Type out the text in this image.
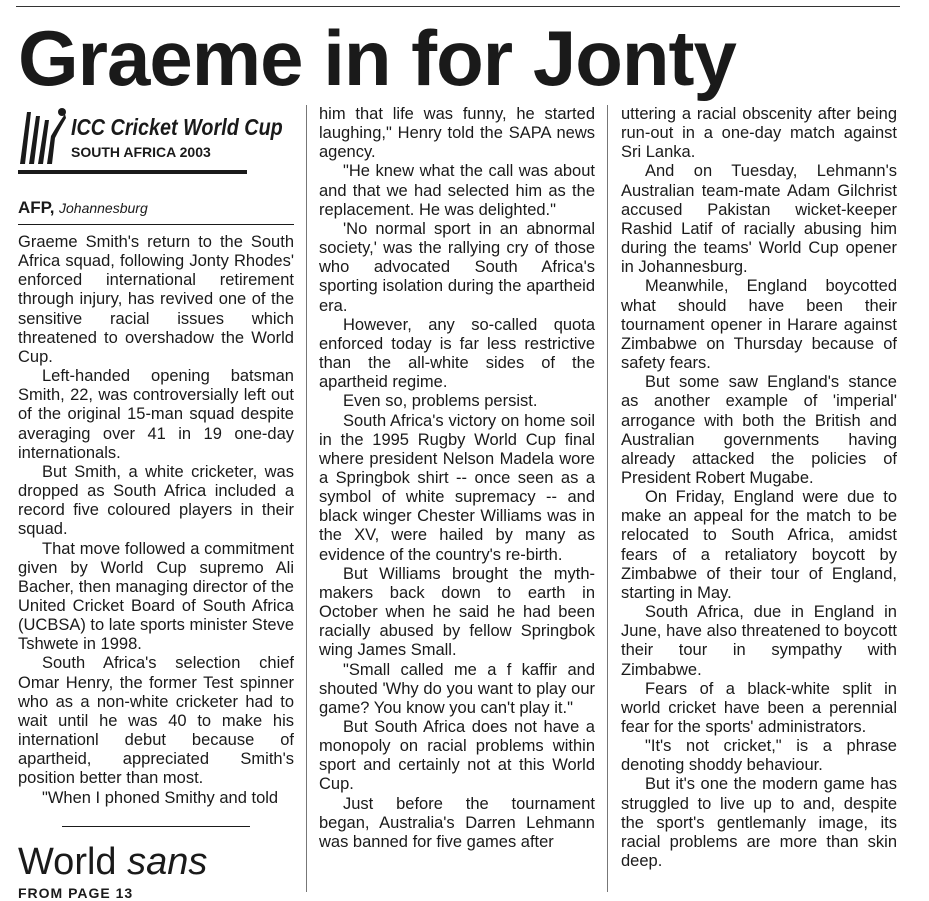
Graeme in for Jonty
ICC Cricket World Cup
SOUTH AFRICA 2003
AFP, Johannesburg

Graeme Smith's return to the South Africa squad, following Jonty Rhodes' enforced international retirement through injury, has revived one of the sensitive racial issues which threatened to overshadow the World Cup.

Left-handed opening batsman Smith, 22, was controversially left out of the original 15-man squad despite averaging over 41 in 19 one-day internationals.

But Smith, a white cricketer, was dropped as South Africa included a record five coloured players in their squad.

That move followed a commitment given by World Cup supremo Ali Bacher, then managing director of the United Cricket Board of South Africa (UCBSA) to late sports minister Steve Tshwete in 1998.

South Africa's selection chief Omar Henry, the former Test spinner who as a non-white cricketer had to wait until he was 40 to make his internationl debut because of apartheid, appreciated Smith's position better than most.

"When I phoned Smithy and told

him that life was funny, he started laughing," Henry told the SAPA news agency.

"He knew what the call was about and that we had selected him as the replacement. He was delighted."

'No normal sport in an abnormal society,' was the rallying cry of those who advocated South Africa's sporting isolation during the apartheid era.

However, any so-called quota enforced today is far less restrictive than the all-white sides of the apartheid regime.

Even so, problems persist.

South Africa's victory on home soil in the 1995 Rugby World Cup final where president Nelson Madela wore a Springbok shirt -- once seen as a symbol of white supremacy -- and black winger Chester Williams was in the XV, were hailed by many as evidence of the country's re-birth.

But Williams brought the myth-makers back down to earth in October when he said he had been racially abused by fellow Springbok wing James Small.

"Small called me a f kaffir and shouted 'Why do you want to play our game? You know you can't play it."

But South Africa does not have a monopoly on racial problems within sport and certainly not at this World Cup.

Just before the tournament began, Australia's Darren Lehmann was banned for five games after

uttering a racial obscenity after being run-out in a one-day match against Sri Lanka.

And on Tuesday, Lehmann's Australian team-mate Adam Gilchrist accused Pakistan wicket-keeper Rashid Latif of racially abusing him during the teams' World Cup opener in Johannesburg.

Meanwhile, England boycotted what should have been their tournament opener in Harare against Zimbabwe on Thursday because of safety fears.

But some saw England's stance as another example of 'imperial' arrogance with both the British and Australian governments having already attacked the policies of President Robert Mugabe.

On Friday, England were due to make an appeal for the match to be relocated to South Africa, amidst fears of a retaliatory boycott by Zimbabwe of their tour of England, starting in May.

South Africa, due in England in June, have also threatened to boycott their tour in sympathy with Zimbabwe.

Fears of a black-white split in world cricket have been a perennial fear for the sports' administrators.

"It's not cricket," is a phrase denoting shoddy behaviour.

But it's one the modern game has struggled to live up to and, despite the sport's gentlemanly image, its racial problems are more than skin deep.

World sans
FROM PAGE 13
